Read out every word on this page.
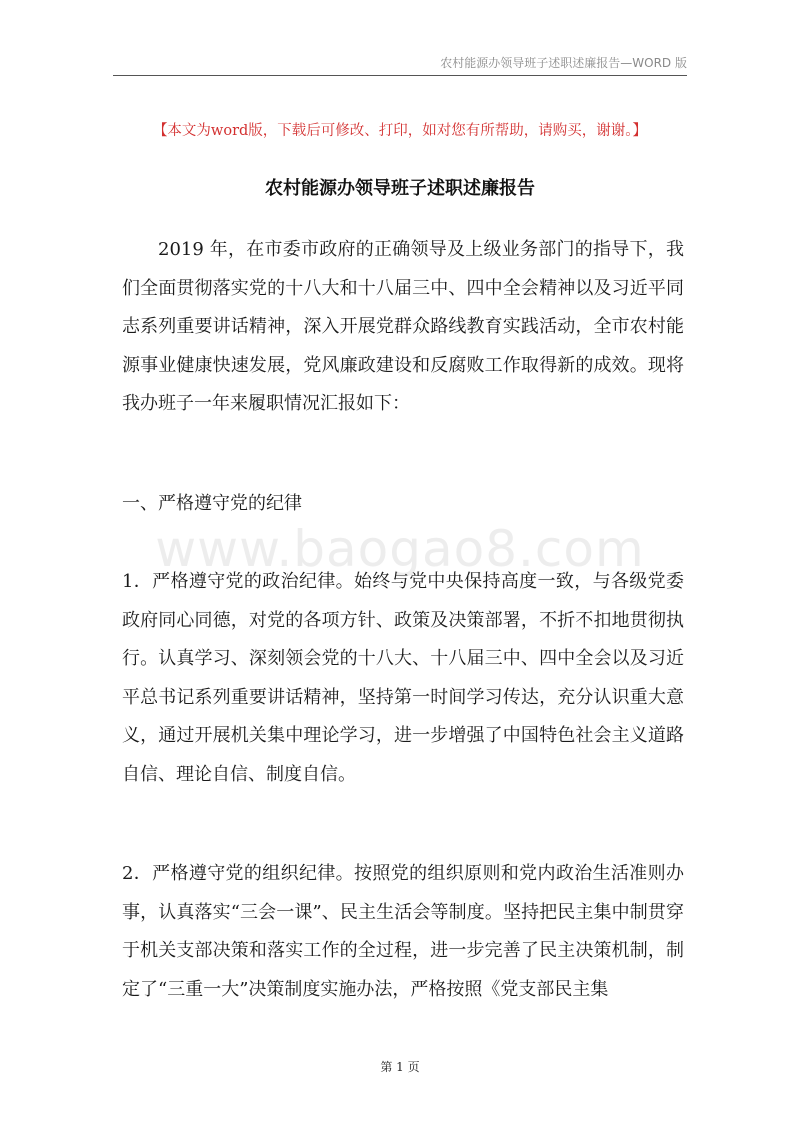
农村能源办领导班子述职述廉报告—WORD 版
【本文为word版，下载后可修改、打印，如对您有所帮助，请购买，谢谢。】
农村能源办领导班子述职述廉报告
2019 年，在市委市政府的正确领导及上级业务部门的指导下，我们全面贯彻落实党的十八大和十八届三中、四中全会精神以及习近平同志系列重要讲话精神，深入开展党群众路线教育实践活动，全市农村能源事业健康快速发展，党风廉政建设和反腐败工作取得新的成效。现将我办班子一年来履职情况汇报如下：
一、严格遵守党的纪律
www.baogao8.com
1．严格遵守党的政治纪律。始终与党中央保持高度一致，与各级党委政府同心同德，对党的各项方针、政策及决策部署，不折不扣地贯彻执行。认真学习、深刻领会党的十八大、十八届三中、四中全会以及习近平总书记系列重要讲话精神，坚持第一时间学习传达，充分认识重大意义，通过开展机关集中理论学习，进一步增强了中国特色社会主义道路自信、理论自信、制度自信。
2．严格遵守党的组织纪律。按照党的组织原则和党内政治生活准则办事，认真落实“三会一课”、民主生活会等制度。坚持把民主集中制贯穿于机关支部决策和落实工作的全过程，进一步完善了民主决策机制，制定了“三重一大”决策制度实施办法，严格按照《党支部民主集
第 1 页
